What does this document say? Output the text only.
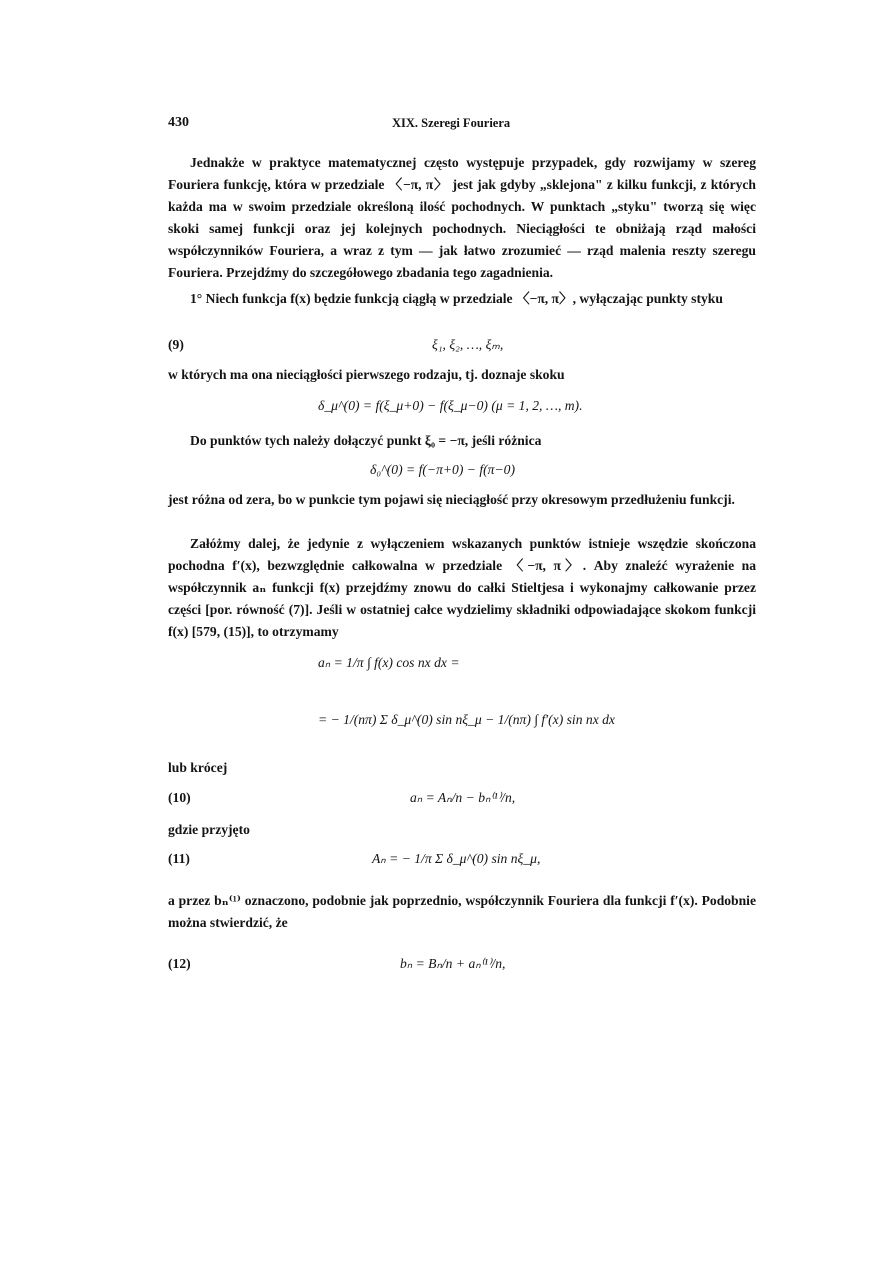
430	XIX. Szeregi Fouriera
Jednakże w praktyce matematycznej często występuje przypadek, gdy rozwijamy w szereg Fouriera funkcję, która w przedziale 〈−π, π〉 jest jak gdyby „sklejona" z kilku funkcji, z których każda ma w swoim przedziale określoną ilość pochodnych. W punktach „styku" tworzą się więc skoki samej funkcji oraz jej kolejnych pochodnych. Nieciągłości te obniżają rząd małości współczynników Fouriera, a wraz z tym — jak łatwo zrozumieć — rząd malenia reszty szeregu Fouriera. Przejdźmy do szczegółowego zbadania tego zagadnienia.
1° Niech funkcja f(x) będzie funkcją ciągłą w przedziale 〈−π, π〉, wyłączając punkty styku
(9)	ξ₁, ξ₂, …, ξₘ,
w których ma ona nieciągłości pierwszego rodzaju, tj. doznaje skoku
δ_μ^(0) = f(ξ_μ+0) − f(ξ_μ−0) (μ = 1, 2, …, m).
Do punktów tych należy dołączyć punkt ξ₀ = −π, jeśli różnica
δ₀^(0) = f(−π+0) − f(π−0)
jest różna od zera, bo w punkcie tym pojawi się nieciągłość przy okresowym przedłużeniu funkcji.
Załóżmy dalej, że jedynie z wyłączeniem wskazanych punktów istnieje wszędzie skończona pochodna f′(x), bezwzględnie całkowalna w przedziale 〈−π, π〉. Aby znaleźć wyrażenie na współczynnik aₙ funkcji f(x) przejdźmy znowu do całki Stieltjesa i wykonajmy całkowanie przez części [por. równość (7)]. Jeśli w ostatniej całce wydzielimy składniki odpowiadające skokom funkcji f(x) [579, (15)], to otrzymamy
aₙ = 1/π ∫ f(x) cos nx dx =
= − 1/(nπ) Σ δ_μ^(0) sin nξ_μ − 1/(nπ) ∫ f′(x) sin nx dx
lub krócej
(10)	aₙ = Aₙ/n − bₙ⁽¹⁾/n,
gdzie przyjęto
(11)	Aₙ = − 1/π Σ δ_μ^(0) sin nξ_μ,
a przez bₙ⁽¹⁾ oznaczono, podobnie jak poprzednio, współczynnik Fouriera dla funkcji f′(x). Podobnie można stwierdzić, że
(12)	bₙ = Bₙ/n + aₙ⁽¹⁾/n,
